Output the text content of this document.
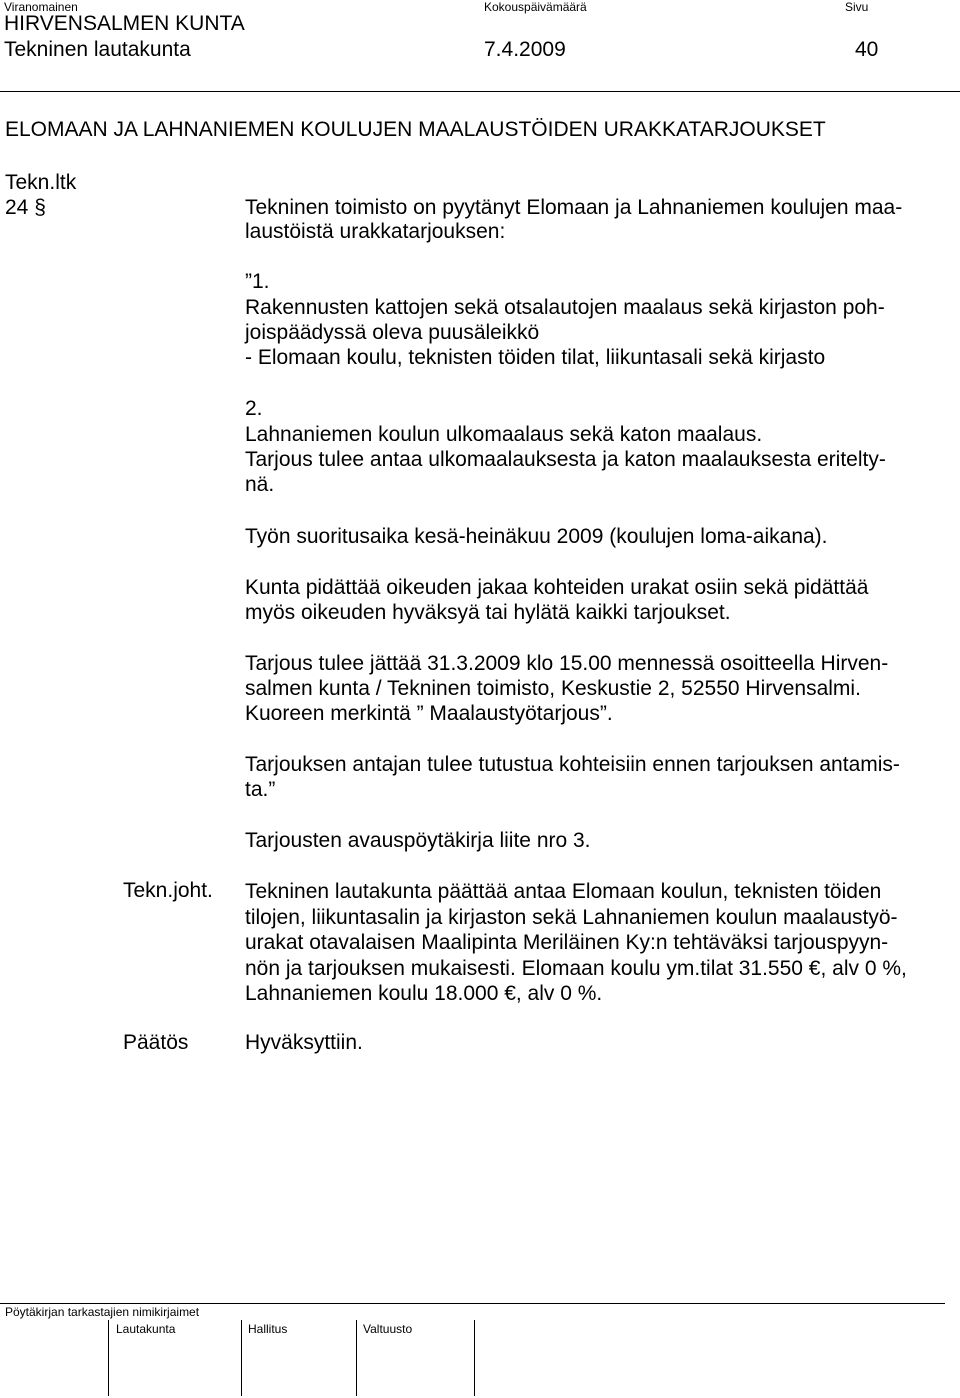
Viranomainen	Kokouspäivämäärä	Sivu
HIRVENSALMEN KUNTA
Tekninen lautakunta	7.4.2009	40
ELOMAAN JA LAHNANIEMEN KOULUJEN MAALAUSTÖIDEN URAKKATARJOUKSET
Tekn.ltk
24 §	Tekninen toimisto on pyytänyt Elomaan ja Lahnaniemen koulujen maa-
laustöistä urakkatarjouksen:
”1.
Rakennusten kattojen sekä otsalautojen maalaus sekä kirjaston poh-
joispäädyssä oleva puusäleikkö
- Elomaan koulu, teknisten töiden tilat, liikuntasali sekä kirjasto
2.
Lahnaniemen koulun ulkomaalaus sekä katon maalaus.
Tarjous tulee antaa ulkomaalauksesta ja katon maalauksesta eritelty-
nä.
Työn suoritusaika kesä-heinäkuu 2009 (koulujen loma-aikana).
Kunta pidättää oikeuden jakaa kohteiden urakat osiin sekä pidättää
myös oikeuden hyväksyä tai hylätä kaikki tarjoukset.
Tarjous tulee jättää 31.3.2009 klo 15.00 mennessä osoitteella Hirven-
salmen kunta / Tekninen toimisto, Keskustie 2, 52550 Hirvensalmi.
Kuoreen merkintä ” Maalaustyötarjous”.
Tarjouksen antajan tulee tutustua kohteisiin ennen tarjouksen antamis-
ta.”
Tarjousten avauspöytäkirja liite nro 3.
Tekn.joht. Tekninen lautakunta päättää antaa Elomaan koulun, teknisten töiden
tilojen, liikuntasalin ja kirjaston sekä Lahnaniemen koulun maalaustyö-
urakat otavalaisen Maalipinta Meriläinen Ky:n tehtäväksi tarjouspyyn-
nön ja tarjouksen mukaisesti. Elomaan koulu ym.tilat 31.550 €, alv 0 %,
Lahnaniemen koulu 18.000 €, alv 0 %.
Päätös	Hyväksyttiin.
Pöytäkirjan tarkastajien nimikirjaimet
Lautakunta	Hallitus	Valtuusto
